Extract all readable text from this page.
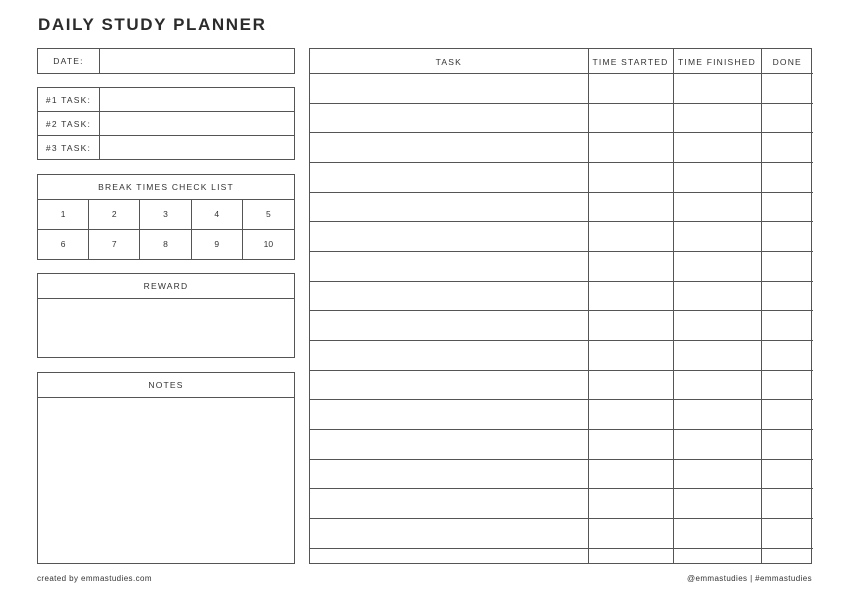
DAILY STUDY PLANNER
DATE:
#1 TASK:
#2 TASK:
#3 TASK:
BREAK TIMES CHECK LIST
1	2	3	4	5
6	7	8	9	10
REWARD
NOTES
TASK	TIME STARTED	TIME FINISHED	DONE

created by emmastudies.com	@emmastudies | #emmastudies
